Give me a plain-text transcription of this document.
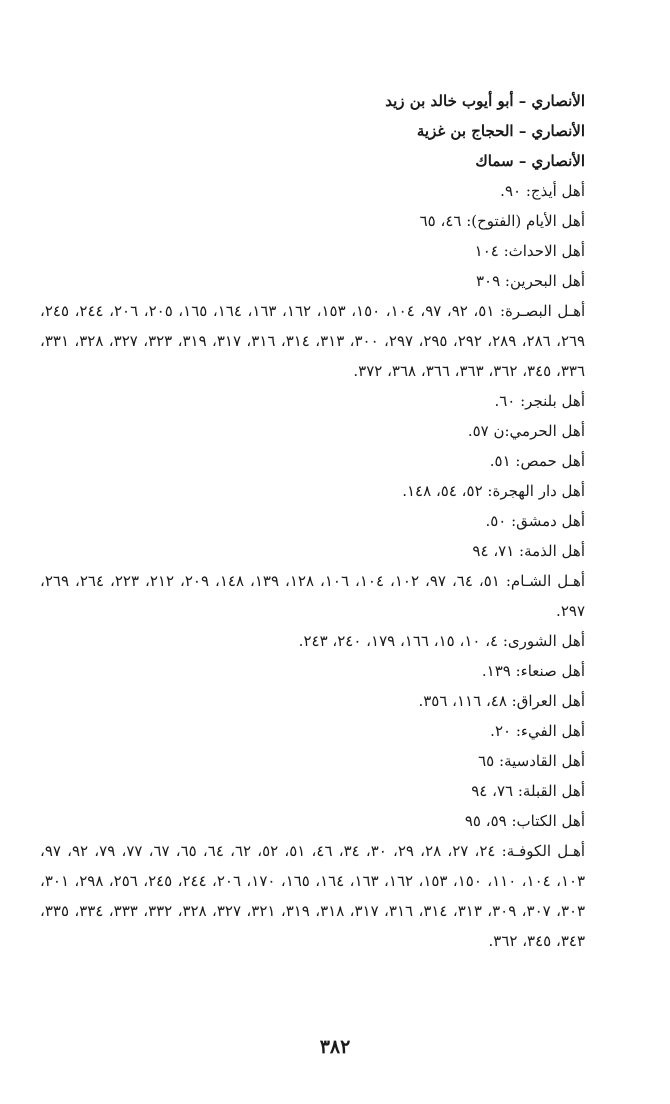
الأنصاري – أبو أيوب خالد بن زيد
الأنصاري – الحجاج بن غزية
الأنصاري – سماك
أهل أيذج: ٩٠.
أهل الأيام (الفتوح): ٤٦، ٦٥
أهل الاحداث: ١٠٤
أهل البحرين: ٣٠٩
أهـل البصـرة: ٥١، ٩٢، ٩٧، ١٠٤، ١٥٠، ١٥٣، ١٦٢، ١٦٣، ١٦٤، ١٦٥، ٢٠٥، ٢٠٦، ٢٤٤، ٢٤٥، ٢٦٩، ٢٨٦، ٢٨٩، ٢٩٢، ٢٩٥، ٢٩٧، ٣٠٠، ٣١٣، ٣١٤، ٣١٦، ٣١٧، ٣١٩، ٣٢٣، ٣٢٧، ٣٢٨، ٣٣١، ٣٣٦، ٣٤٥، ٣٦٢، ٣٦٣، ٣٦٦، ٣٦٨، ٣٧٢.
أهل بلنجر: ٦٠.
أهل الحرمي:ن ٥٧.
أهل حمص: ٥١.
أهل دار الهجرة: ٥٢، ٥٤، ١٤٨.
أهل دمشق: ٥٠.
أهل الذمة: ٧١، ٩٤
أهـل الشـام: ٥١، ٦٤، ٩٧، ١٠٢، ١٠٤، ١٠٦، ١٢٨، ١٣٩، ١٤٨، ٢٠٩، ٢١٢، ٢٢٣، ٢٦٤، ٢٦٩، ٢٩٧.
أهل الشورى: ٤، ١٠، ١٥، ١٦٦، ١٧٩، ٢٤٠، ٢٤٣.
أهل صنعاء: ١٣٩.
أهل العراق: ٤٨، ١١٦، ٣٥٦.
أهل الفيء: ٢٠.
أهل القادسية: ٦٥
أهل القبلة: ٧٦، ٩٤
أهل الكتاب: ٥٩، ٩٥
أهـل الكوفـة: ٢٤، ٢٧، ٢٨، ٢٩، ٣٠، ٣٤، ٤٦، ٥١، ٥٢، ٦٢، ٦٤، ٦٥، ٦٧، ٧٧، ٧٩، ٩٢، ٩٧، ١٠٣، ١٠٤، ١١٠، ١٥٠، ١٥٣، ١٦٢، ١٦٣، ١٦٤، ١٦٥، ١٧٠، ٢٠٦، ٢٤٤، ٢٤٥، ٢٥٦، ٢٩٨، ٣٠١، ٣٠٣، ٣٠٧، ٣٠٩، ٣١٣، ٣١٤، ٣١٦، ٣١٧، ٣١٨، ٣١٩، ٣٢١، ٣٢٧، ٣٢٨، ٣٣٢، ٣٣٣، ٣٣٤، ٣٣٥، ٣٤٣، ٣٤٥، ٣٦٢.
٣٨٢
